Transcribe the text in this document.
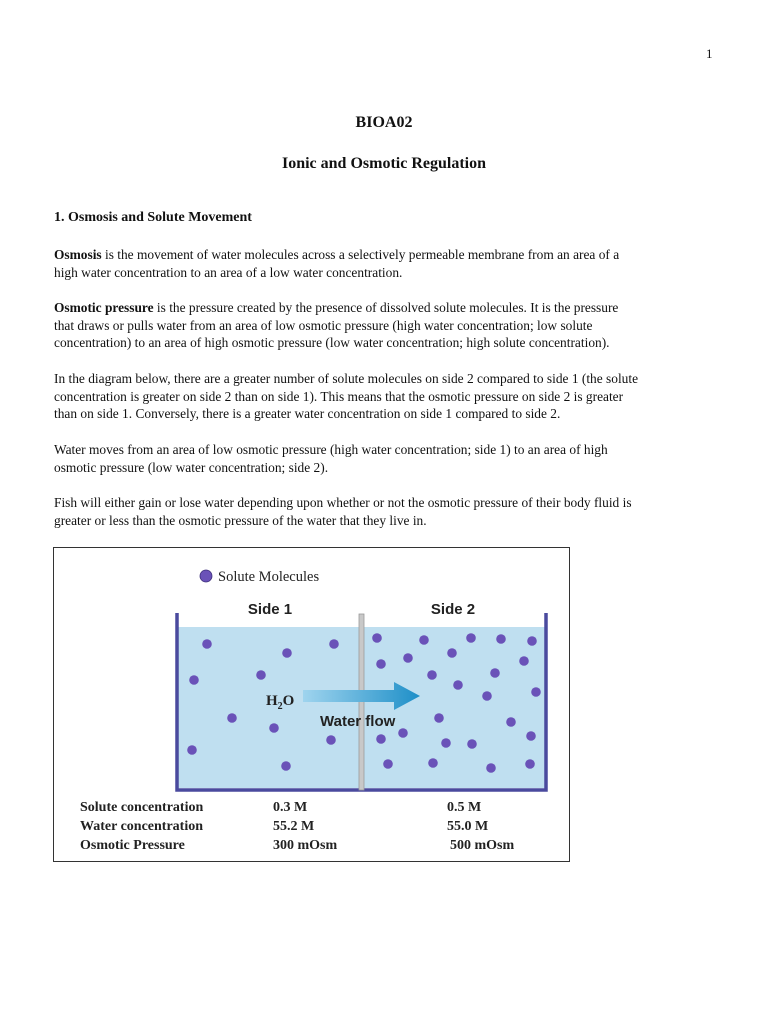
1
BIOA02
Ionic and Osmotic Regulation
1. Osmosis and Solute Movement

Osmosis is the movement of water molecules across a selectively permeable membrane from an area of a
high water concentration to an area of a low water concentration.

Osmotic pressure is the pressure created by the presence of dissolved solute molecules. It is the pressure
that draws or pulls water from an area of low osmotic pressure (high water concentration; low solute
concentration) to an area of high osmotic pressure (low water concentration; high solute concentration).

In the diagram below, there are a greater number of solute molecules on side 2 compared to side 1 (the solute
concentration is greater on side 2 than on side 1). This means that the osmotic pressure on side 2 is greater
than on side 1. Conversely, there is a greater water concentration on side 1 compared to side 2.

Water moves from an area of low osmotic pressure (high water concentration; side 1) to an area of high
osmotic pressure (low water concentration; side 2).

Fish will either gain or lose water depending upon whether or not the osmotic pressure of their body fluid is
greater or less than the osmotic pressure of the water that they live in.

Solute Molecules
Side 1	Side 2
$H_2O$
Water flow
Solute concentration	0.3 M	0.5 M
Water concentration	55.2 M	55.0 M
Osmotic Pressure	300 mOsm	500 mOsm
